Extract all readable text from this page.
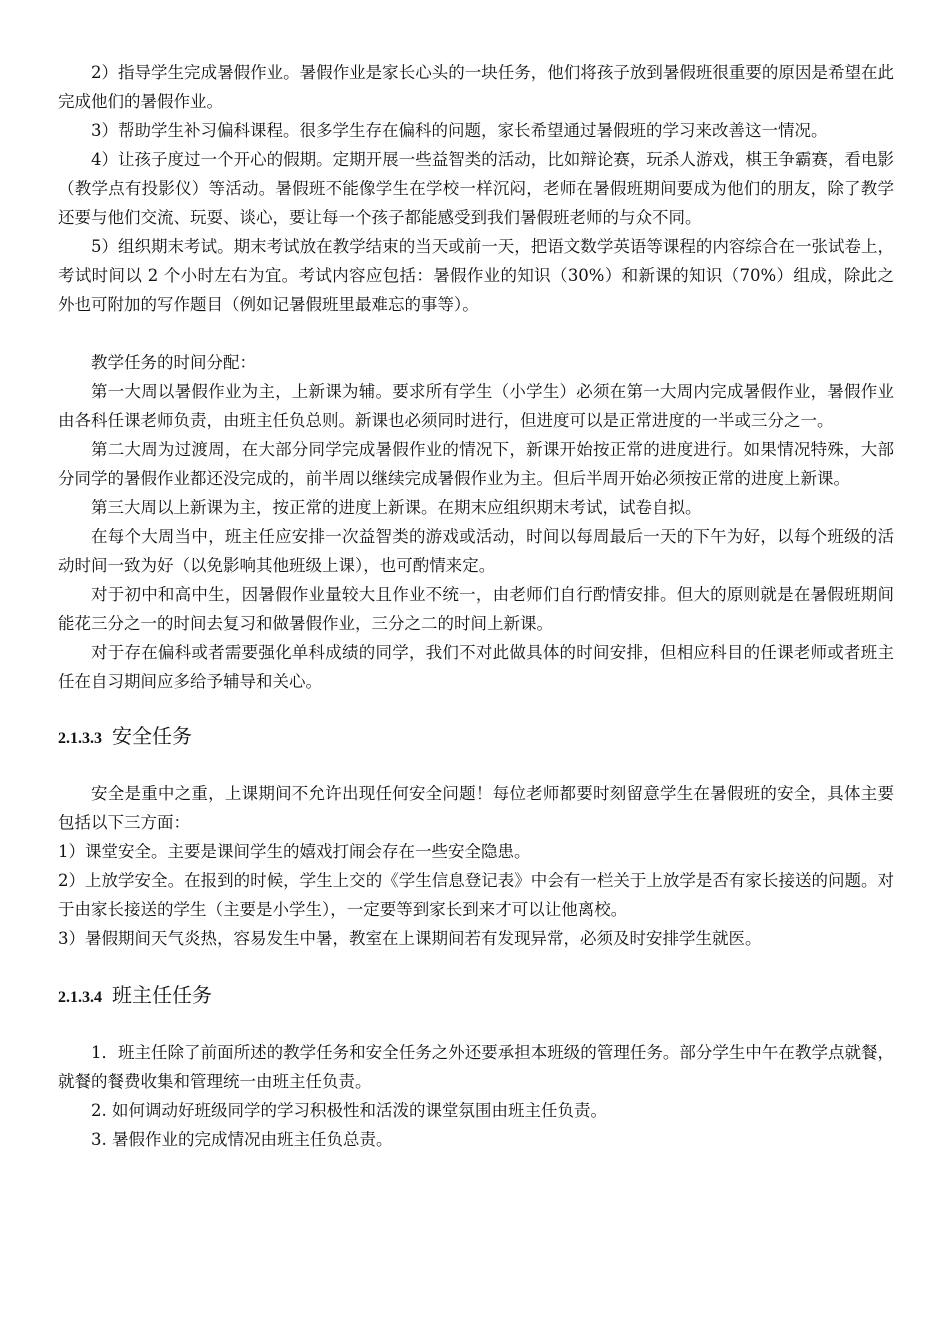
2）指导学生完成暑假作业。暑假作业是家长心头的一块任务，他们将孩子放到暑假班很重要的原因是希望在此完成他们的暑假作业。

3）帮助学生补习偏科课程。很多学生存在偏科的问题，家长希望通过暑假班的学习来改善这一情况。

4）让孩子度过一个开心的假期。定期开展一些益智类的活动，比如辩论赛，玩杀人游戏，棋王争霸赛，看电影（教学点有投影仪）等活动。暑假班不能像学生在学校一样沉闷，老师在暑假班期间要成为他们的朋友，除了教学还要与他们交流、玩耍、谈心，要让每一个孩子都能感受到我们暑假班老师的与众不同。

5）组织期末考试。期末考试放在教学结束的当天或前一天，把语文数学英语等课程的内容综合在一张试卷上，考试时间以 2 个小时左右为宜。考试内容应包括：暑假作业的知识（30%）和新课的知识（70%）组成，除此之外也可附加的写作题目（例如记暑假班里最难忘的事等）。

教学任务的时间分配：

第一大周以暑假作业为主，上新课为辅。要求所有学生（小学生）必须在第一大周内完成暑假作业，暑假作业由各科任课老师负责，由班主任负总则。新课也必须同时进行，但进度可以是正常进度的一半或三分之一。

第二大周为过渡周，在大部分同学完成暑假作业的情况下，新课开始按正常的进度进行。如果情况特殊，大部分同学的暑假作业都还没完成的，前半周以继续完成暑假作业为主。但后半周开始必须按正常的进度上新课。

第三大周以上新课为主，按正常的进度上新课。在期末应组织期末考试，试卷自拟。

在每个大周当中，班主任应安排一次益智类的游戏或活动，时间以每周最后一天的下午为好，以每个班级的活动时间一致为好（以免影响其他班级上课），也可酌情来定。

对于初中和高中生，因暑假作业量较大且作业不统一，由老师们自行酌情安排。但大的原则就是在暑假班期间能花三分之一的时间去复习和做暑假作业，三分之二的时间上新课。

对于存在偏科或者需要强化单科成绩的同学，我们不对此做具体的时间安排，但相应科目的任课老师或者班主任在自习期间应多给予辅导和关心。

2.1.3.3 安全任务

安全是重中之重，上课期间不允许出现任何安全问题！每位老师都要时刻留意学生在暑假班的安全，具体主要包括以下三方面：

1）课堂安全。主要是课间学生的嬉戏打闹会存在一些安全隐患。

2）上放学安全。在报到的时候，学生上交的《学生信息登记表》中会有一栏关于上放学是否有家长接送的问题。对于由家长接送的学生（主要是小学生），一定要等到家长到来才可以让他离校。

3）暑假期间天气炎热，容易发生中暑，教室在上课期间若有发现异常，必须及时安排学生就医。

2.1.3.4 班主任任务

1．班主任除了前面所述的教学任务和安全任务之外还要承担本班级的管理任务。部分学生中午在教学点就餐，就餐的餐费收集和管理统一由班主任负责。

2. 如何调动好班级同学的学习积极性和活泼的课堂氛围由班主任负责。

3. 暑假作业的完成情况由班主任负总责。
